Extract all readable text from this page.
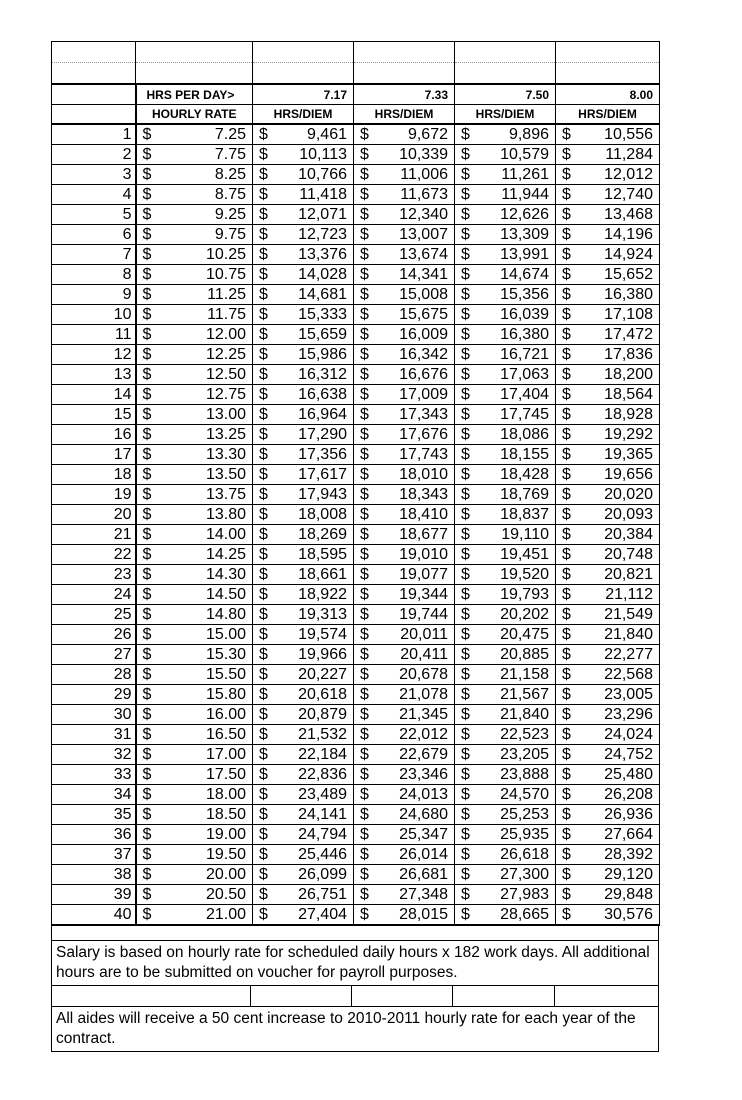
	HRS PER DAY>	7.17	7.33	7.50	8.00
	HOURLY RATE	HRS/DIEM	HRS/DIEM	HRS/DIEM	HRS/DIEM
1	$ 7.25	$ 9,461	$ 9,672	$ 9,896	$ 10,556

2	$ 7.75	$ 10,113	$ 10,339	$ 10,579	$ 11,284

3	$ 8.25	$ 10,766	$ 11,006	$ 11,261	$ 12,012

4	$ 8.75	$ 11,418	$ 11,673	$ 11,944	$ 12,740

5	$ 9.25	$ 12,071	$ 12,340	$ 12,626	$ 13,468

6	$ 9.75	$ 12,723	$ 13,007	$ 13,309	$ 14,196

7	$ 10.25	$ 13,376	$ 13,674	$ 13,991	$ 14,924

8	$ 10.75	$ 14,028	$ 14,341	$ 14,674	$ 15,652

9	$ 11.25	$ 14,681	$ 15,008	$ 15,356	$ 16,380

10	$ 11.75	$ 15,333	$ 15,675	$ 16,039	$ 17,108

11	$ 12.00	$ 15,659	$ 16,009	$ 16,380	$ 17,472

12	$ 12.25	$ 15,986	$ 16,342	$ 16,721	$ 17,836

13	$ 12.50	$ 16,312	$ 16,676	$ 17,063	$ 18,200

14	$ 12.75	$ 16,638	$ 17,009	$ 17,404	$ 18,564

15	$ 13.00	$ 16,964	$ 17,343	$ 17,745	$ 18,928

16	$ 13.25	$ 17,290	$ 17,676	$ 18,086	$ 19,292

17	$ 13.30	$ 17,356	$ 17,743	$ 18,155	$ 19,365

18	$ 13.50	$ 17,617	$ 18,010	$ 18,428	$ 19,656

19	$ 13.75	$ 17,943	$ 18,343	$ 18,769	$ 20,020

20	$ 13.80	$ 18,008	$ 18,410	$ 18,837	$ 20,093

21	$ 14.00	$ 18,269	$ 18,677	$ 19,110	$ 20,384

22	$ 14.25	$ 18,595	$ 19,010	$ 19,451	$ 20,748

23	$ 14.30	$ 18,661	$ 19,077	$ 19,520	$ 20,821

24	$ 14.50	$ 18,922	$ 19,344	$ 19,793	$ 21,112

25	$ 14.80	$ 19,313	$ 19,744	$ 20,202	$ 21,549

26	$ 15.00	$ 19,574	$ 20,011	$ 20,475	$ 21,840

27	$ 15.30	$ 19,966	$ 20,411	$ 20,885	$ 22,277

28	$ 15.50	$ 20,227	$ 20,678	$ 21,158	$ 22,568

29	$ 15.80	$ 20,618	$ 21,078	$ 21,567	$ 23,005

30	$ 16.00	$ 20,879	$ 21,345	$ 21,840	$ 23,296

31	$ 16.50	$ 21,532	$ 22,012	$ 22,523	$ 24,024

32	$ 17.00	$ 22,184	$ 22,679	$ 23,205	$ 24,752

33	$ 17.50	$ 22,836	$ 23,346	$ 23,888	$ 25,480

34	$ 18.00	$ 23,489	$ 24,013	$ 24,570	$ 26,208

35	$ 18.50	$ 24,141	$ 24,680	$ 25,253	$ 26,936

36	$ 19.00	$ 24,794	$ 25,347	$ 25,935	$ 27,664

37	$ 19.50	$ 25,446	$ 26,014	$ 26,618	$ 28,392

38	$ 20.00	$ 26,099	$ 26,681	$ 27,300	$ 29,120

39	$ 20.50	$ 26,751	$ 27,348	$ 27,983	$ 29,848

40	$ 21.00	$ 27,404	$ 28,015	$ 28,665	$ 30,576
Salary is based on hourly rate for scheduled daily hours x 182 work days. All additional hours are to be submitted on voucher for payroll purposes.
All aides will receive a 50 cent increase to 2010-2011 hourly rate for each year of the contract.
